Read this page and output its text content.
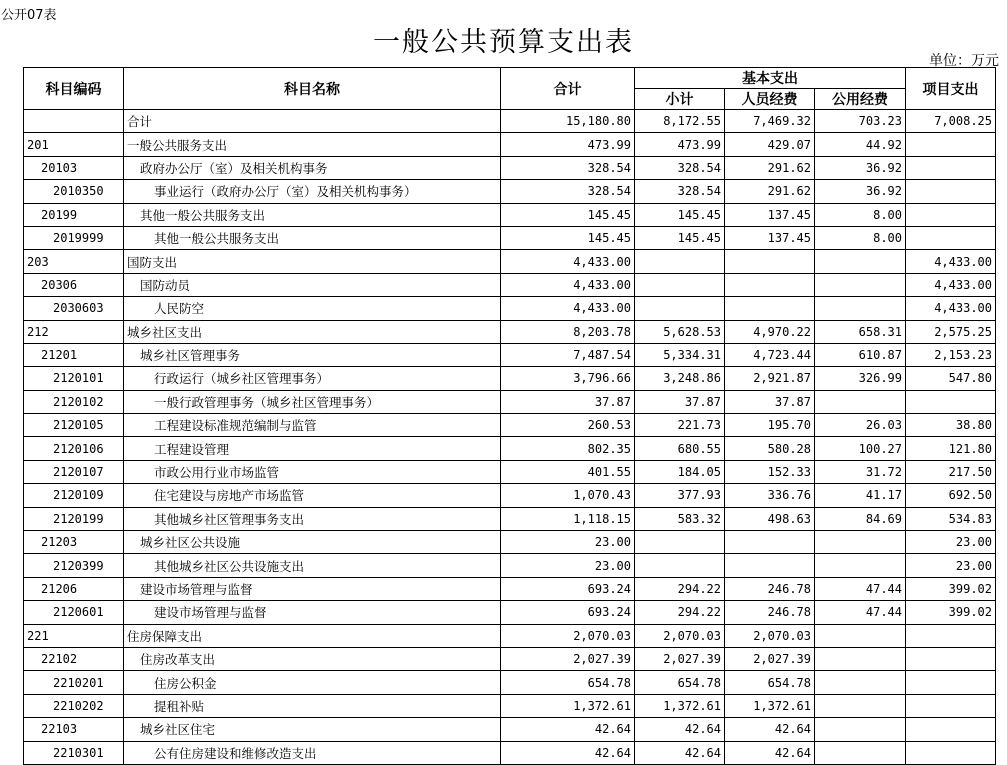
公开07表
一般公共预算支出表
单位：万元
科目编码	科目名称	合计	基本支出			项目支出
			小计	人员经费	公用经费	
	合计	15,180.80	8,172.55	7,469.32	703.23	7,008.25
201	一般公共服务支出	473.99	473.99	429.07	44.92	
20103	政府办公厅（室）及相关机构事务	328.54	328.54	291.62	36.92	
2010350	事业运行（政府办公厅（室）及相关机构事务）	328.54	328.54	291.62	36.92	
20199	其他一般公共服务支出	145.45	145.45	137.45	8.00	
2019999	其他一般公共服务支出	145.45	145.45	137.45	8.00	
203	国防支出	4,433.00				4,433.00
20306	国防动员	4,433.00				4,433.00
2030603	人民防空	4,433.00				4,433.00
212	城乡社区支出	8,203.78	5,628.53	4,970.22	658.31	2,575.25
21201	城乡社区管理事务	7,487.54	5,334.31	4,723.44	610.87	2,153.23
2120101	行政运行（城乡社区管理事务）	3,796.66	3,248.86	2,921.87	326.99	547.80
2120102	一般行政管理事务（城乡社区管理事务）	37.87	37.87	37.87		
2120105	工程建设标准规范编制与监管	260.53	221.73	195.70	26.03	38.80
2120106	工程建设管理	802.35	680.55	580.28	100.27	121.80
2120107	市政公用行业市场监管	401.55	184.05	152.33	31.72	217.50
2120109	住宅建设与房地产市场监管	1,070.43	377.93	336.76	41.17	692.50
2120199	其他城乡社区管理事务支出	1,118.15	583.32	498.63	84.69	534.83
21203	城乡社区公共设施	23.00				23.00
2120399	其他城乡社区公共设施支出	23.00				23.00
21206	建设市场管理与监督	693.24	294.22	246.78	47.44	399.02
2120601	建设市场管理与监督	693.24	294.22	246.78	47.44	399.02
221	住房保障支出	2,070.03	2,070.03	2,070.03		
22102	住房改革支出	2,027.39	2,027.39	2,027.39		
2210201	住房公积金	654.78	654.78	654.78		
2210202	提租补贴	1,372.61	1,372.61	1,372.61		
22103	城乡社区住宅	42.64	42.64	42.64		
2210301	公有住房建设和维修改造支出	42.64	42.64	42.64		
